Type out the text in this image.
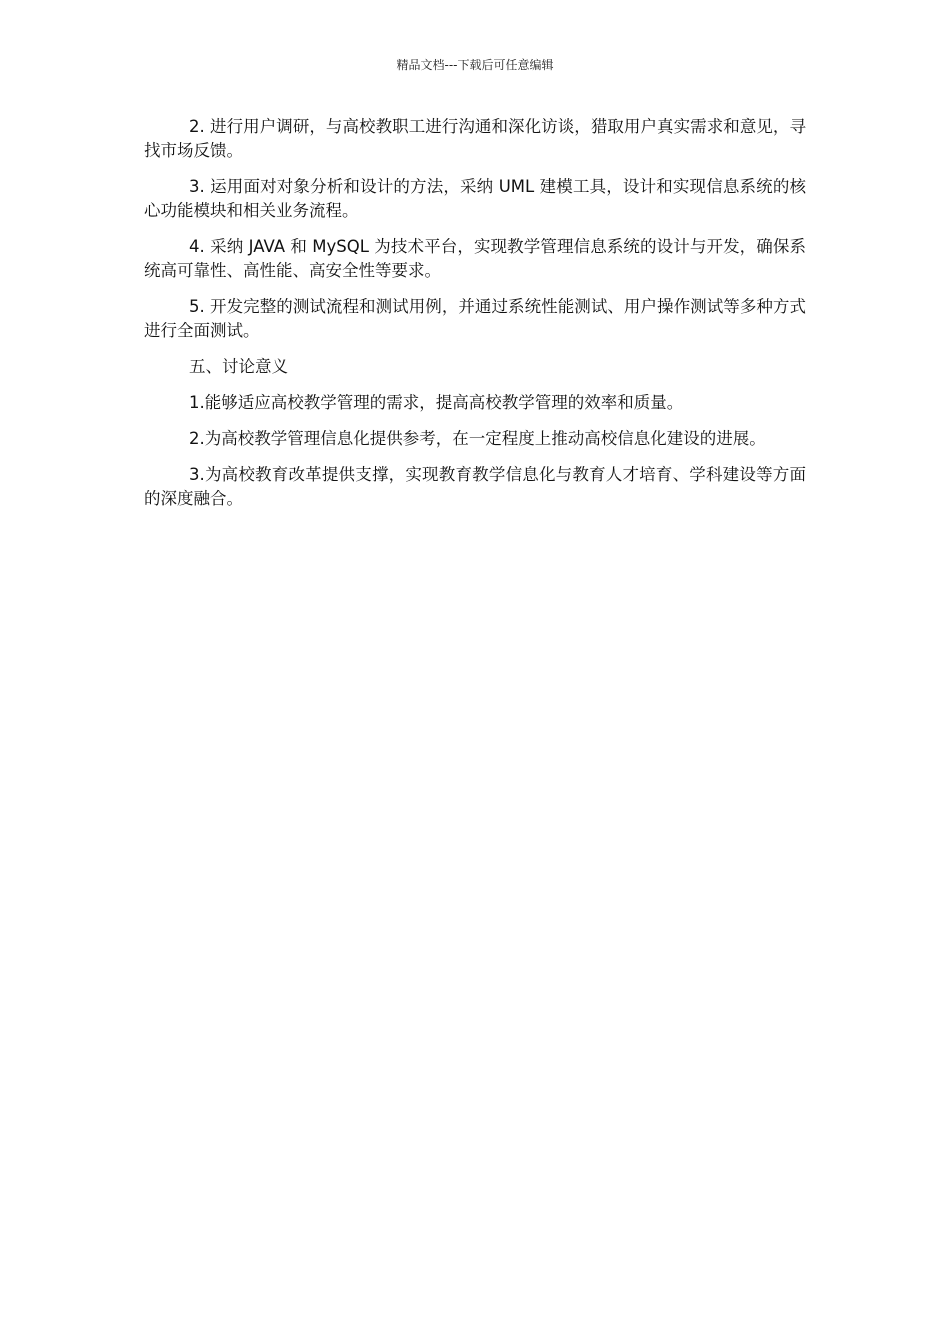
精品文档---下载后可任意编辑

2. 进行用户调研，与高校教职工进行沟通和深化访谈，猎取用户真实需求和意见，寻找市场反馈。

3. 运用面对对象分析和设计的方法，采纳 UML 建模工具，设计和实现信息系统的核心功能模块和相关业务流程。

4. 采纳 JAVA 和 MySQL 为技术平台，实现教学管理信息系统的设计与开发，确保系统高可靠性、高性能、高安全性等要求。

5. 开发完整的测试流程和测试用例，并通过系统性能测试、用户操作测试等多种方式进行全面测试。

五、讨论意义

1.能够适应高校教学管理的需求，提高高校教学管理的效率和质量。

2.为高校教学管理信息化提供参考，在一定程度上推动高校信息化建设的进展。

3.为高校教育改革提供支撑，实现教育教学信息化与教育人才培育、学科建设等方面的深度融合。
